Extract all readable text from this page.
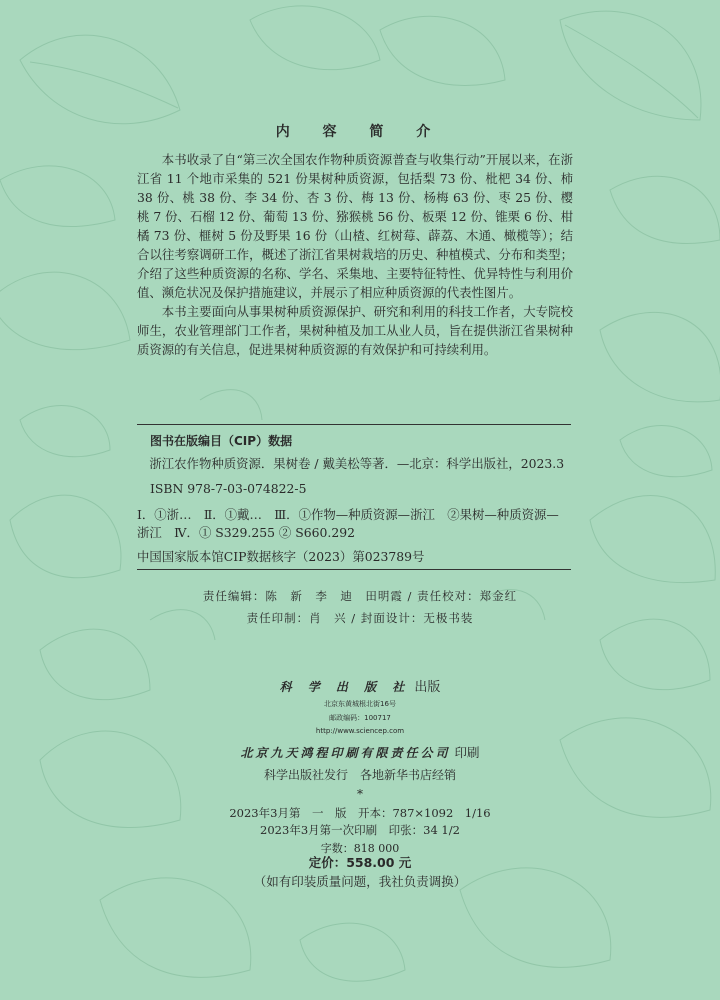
内 容 简 介

本书收录了自“第三次全国农作物种质资源普查与收集行动”开展以来，在浙江省 11 个地市采集的 521 份果树种质资源，包括梨 73 份、枇杷 34 份、柿 38 份、桃 38 份、李 34 份、杏 3 份、梅 13 份、杨梅 63 份、枣 25 份、樱桃 7 份、石榴 12 份、葡萄 13 份、猕猴桃 56 份、板栗 12 份、锥栗 6 份、柑橘 73 份、榧树 5 份及野果 16 份（山楂、红树莓、薜荔、木通、橄榄等）；结合以往考察调研工作，概述了浙江省果树栽培的历史、种植模式、分布和类型；介绍了这些种质资源的名称、学名、采集地、主要特征特性、优异特性与利用价值、濒危状况及保护措施建议，并展示了相应种质资源的代表性图片。

本书主要面向从事果树种质资源保护、研究和利用的科技工作者，大专院校师生，农业管理部门工作者，果树种植及加工从业人员，旨在提供浙江省果树种质资源的有关信息，促进果树种质资源的有效保护和可持续利用。

图书在版编目（CIP）数据

浙江农作物种质资源．果树卷 / 戴美松等著．—北京：科学出版社，2023.3

ISBN 978-7-03-074822-5

Ⅰ．①浙…　Ⅱ．①戴…　Ⅲ．①作物—种质资源—浙江　②果树—种质资源—浙江　Ⅳ．① S329.255 ② S660.292

中国国家版本馆CIP数据核字（2023）第023789号

责任编辑：陈　新　李　迪　田明霞 / 责任校对：郑金红
责任印制：肖　兴 / 封面设计：无极书装
科 学 出 版 社 出版
北京东黄城根北街16号
邮政编码：100717
http://www.sciencep.com
北京九天鸿程印刷有限责任公司 印刷
科学出版社发行　各地新华书店经销
*
2023年3月第　一　版　开本：787×1092　1/16
2023年3月第一次印刷　印张：34 1/2
字数：818 000
定价：558.00 元
（如有印装质量问题，我社负责调换）
